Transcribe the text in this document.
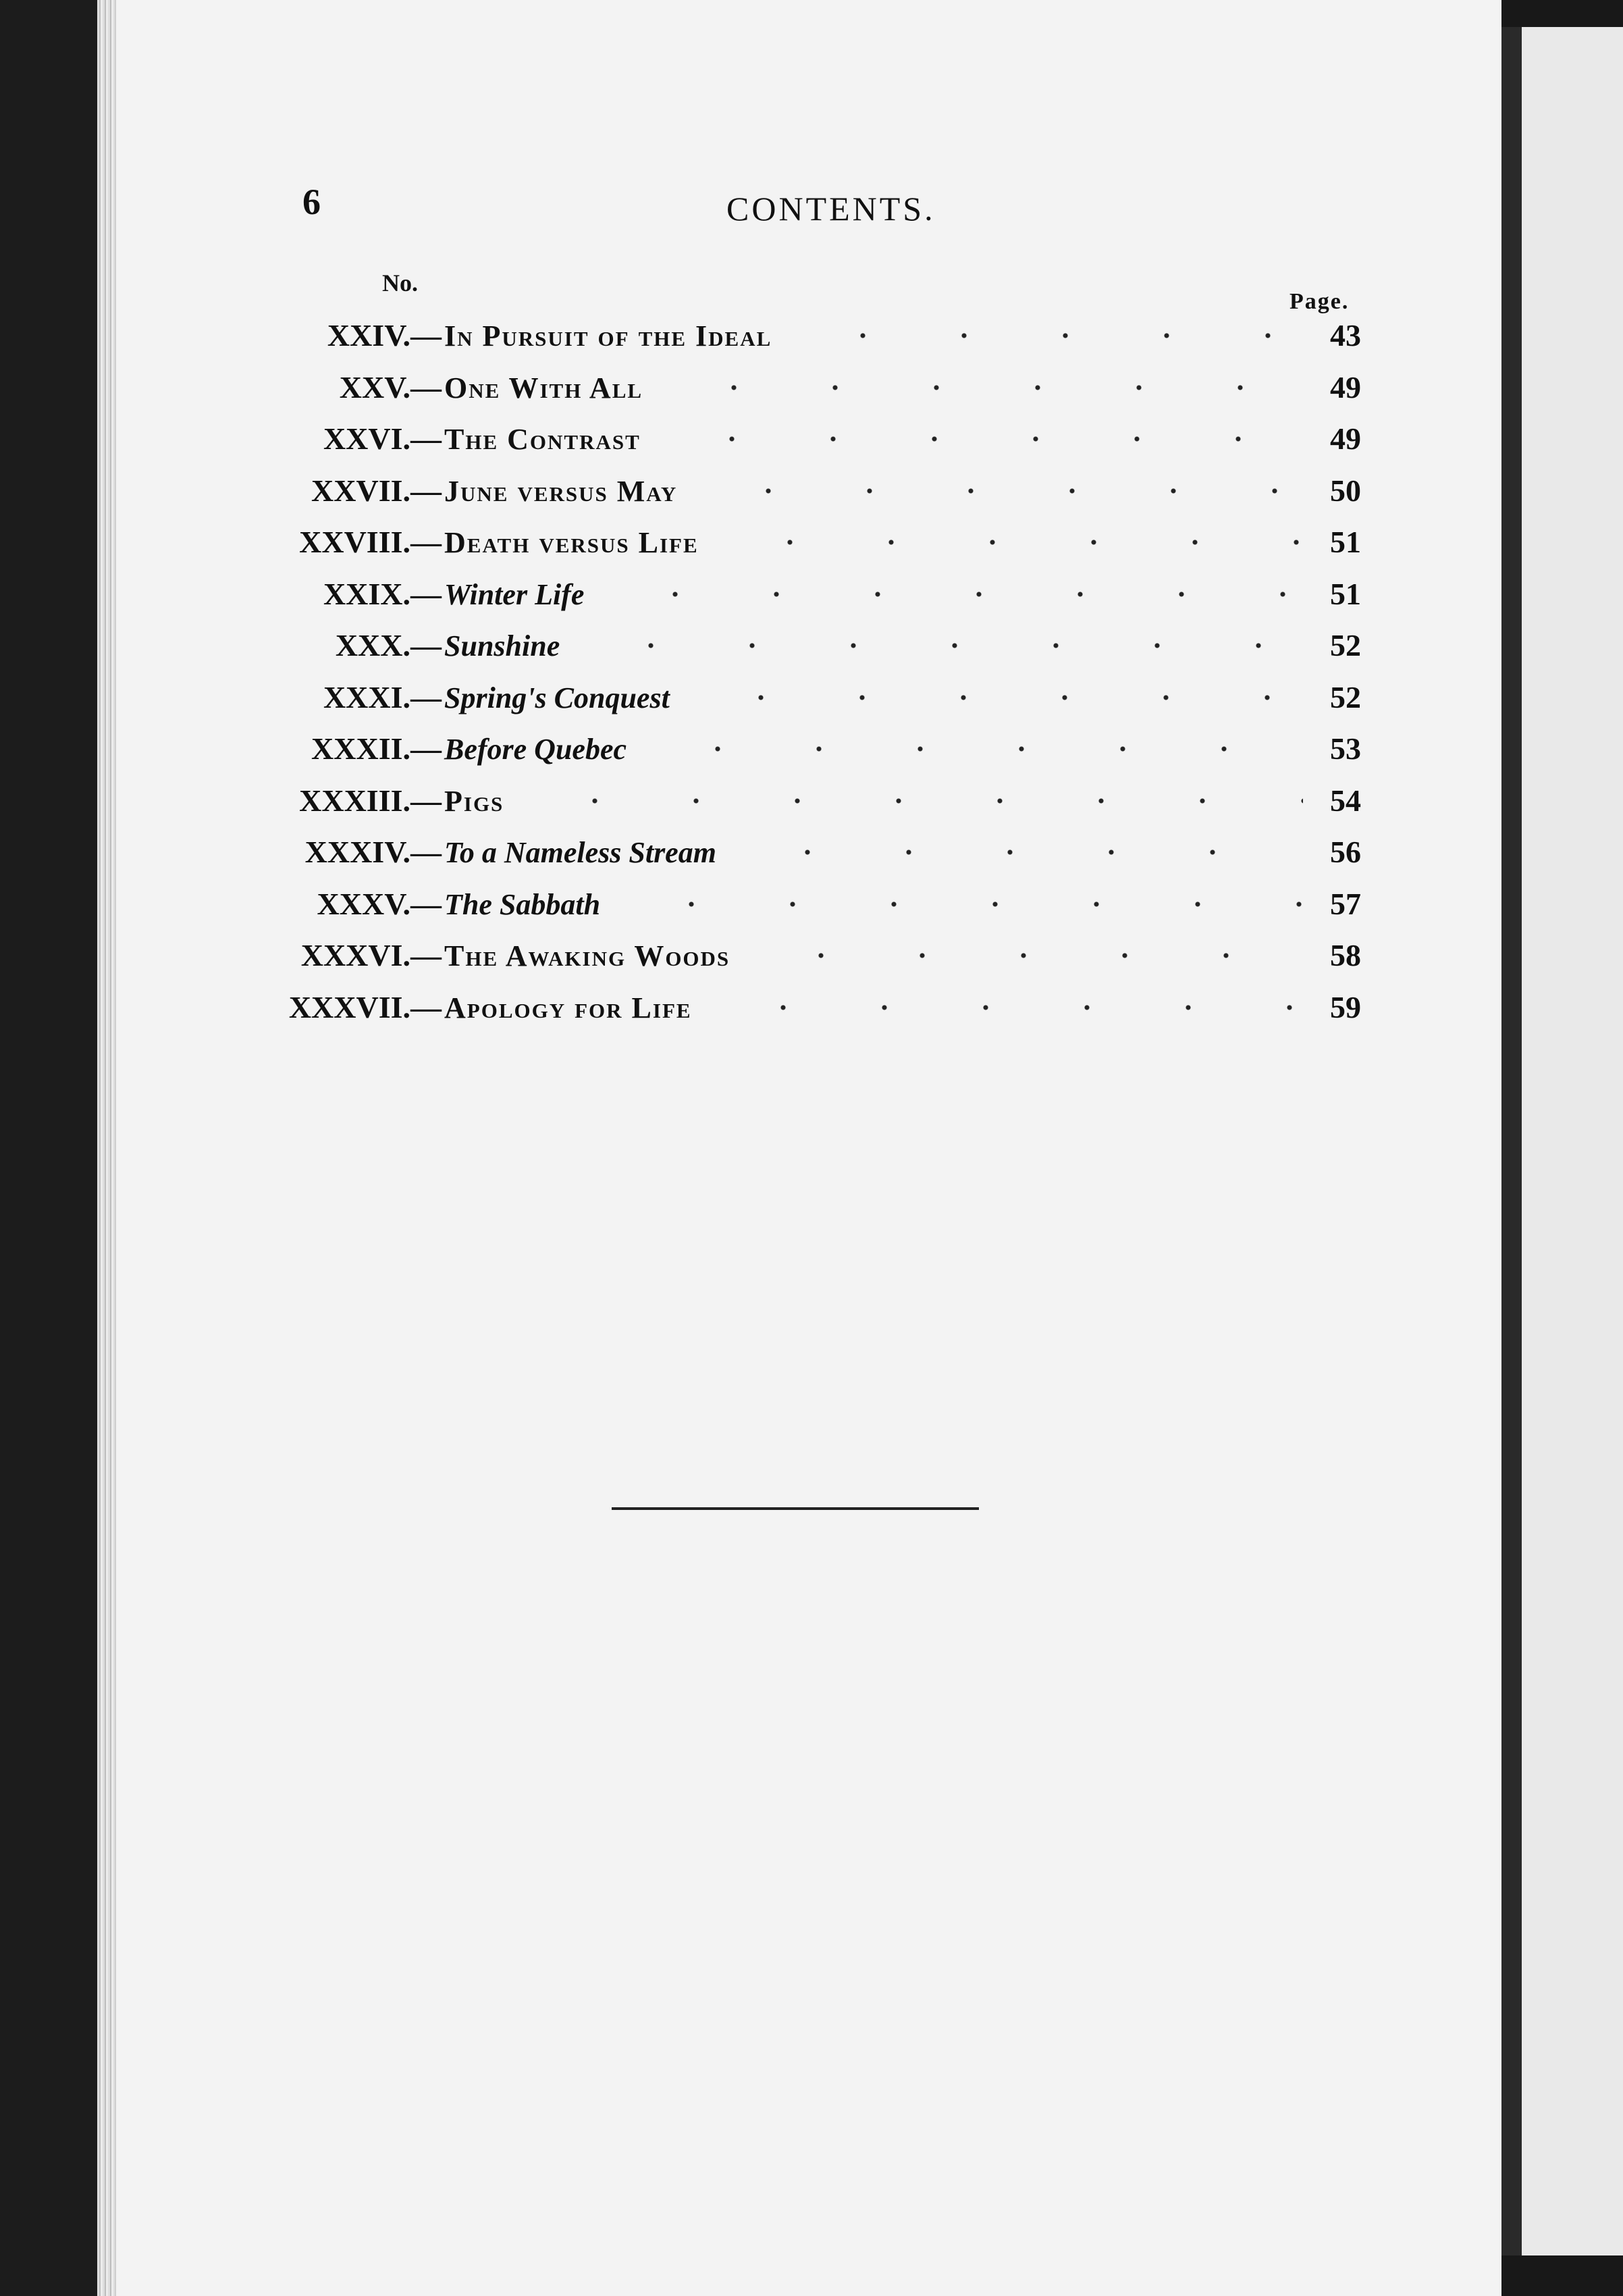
6	CONTENTS.
No.
Page.
XXIV.— In Pursuit of the Ideal	43
XXV.— One With All	49
XXVI.— The Contrast	49
XXVII.— June versus May	50
XXVIII.— Death versus Life	51
XXIX.— Winter Life	51
XXX.— Sunshine	52
XXXI.— Spring's Conquest	52
XXXII.— Before Quebec	53
XXXIII.— Pigs	54
XXXIV.— To a Nameless Stream	56
XXXV.— The Sabbath	57
XXXVI.— The Awaking Woods	58
XXXVII.— Apology for Life	59
